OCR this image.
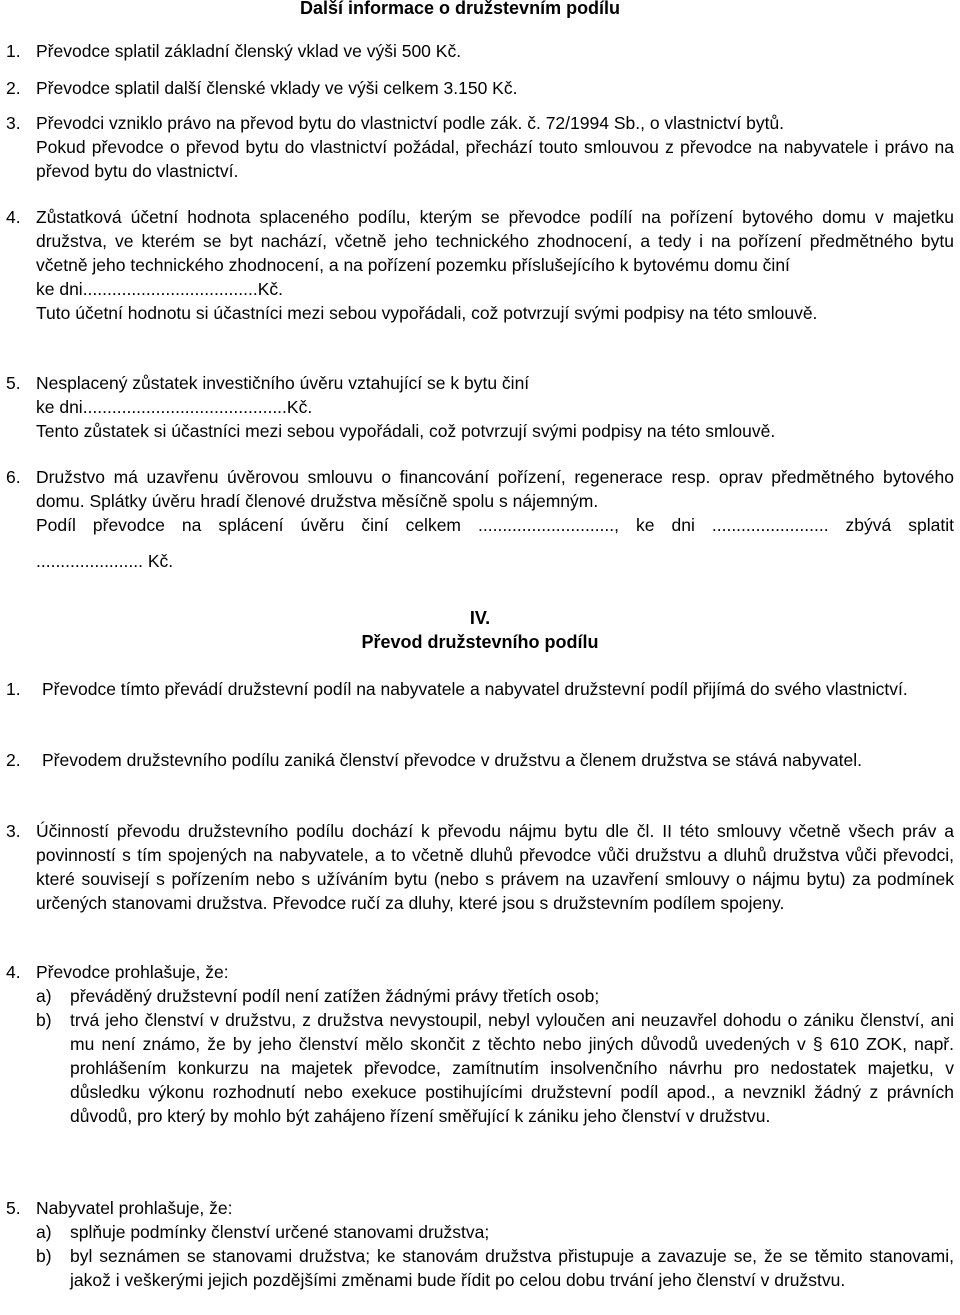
Další informace o družstevním podílu
1. Převodce splatil základní členský vklad ve výši 500 Kč.
2. Převodce splatil další členské vklady ve výši celkem 3.150 Kč.
3. Převodci vzniklo právo na převod bytu do vlastnictví podle zák. č. 72/1994 Sb., o vlastnictví bytů.
Pokud převodce o převod bytu do vlastnictví požádal, přechází touto smlouvou z převodce na nabyvatele i právo na převod bytu do vlastnictví.
4. Zůstatková účetní hodnota splaceného podílu, kterým se převodce podílí na pořízení bytového domu v majetku družstva, ve kterém se byt nachází, včetně jeho technického zhodnocení, a tedy i na pořízení předmětného bytu včetně jeho technického zhodnocení, a na pořízení pozemku příslušejícího k bytovému domu činí
ke dni....................................Kč.
Tuto účetní hodnotu si účastníci mezi sebou vypořádali, což potvrzují svými podpisy na této smlouvě.
5. Nesplacený zůstatek investičního úvěru vztahující se k bytu činí
ke dni..........................................Kč.
Tento zůstatek si účastníci mezi sebou vypořádali, což potvrzují svými podpisy na této smlouvě.
6. Družstvo má uzavřenu úvěrovou smlouvu o financování pořízení, regenerace resp. oprav předmětného bytového domu. Splátky úvěru hradí členové družstva měsíčně spolu s nájemným.
Podíl převodce na splácení úvěru činí celkem ............................, ke dni ........................ zbývá splatit
...................... Kč.
IV.
Převod družstevního podílu
1. Převodce tímto převádí družstevní podíl na nabyvatele a nabyvatel družstevní podíl přijímá do svého vlastnictví.
2. Převodem družstevního podílu zaniká členství převodce v družstvu a členem družstva se stává nabyvatel.
3. Účinností převodu družstevního podílu dochází k převodu nájmu bytu dle čl. II této smlouvy včetně všech práv a povinností s tím spojených na nabyvatele, a to včetně dluhů převodce vůči družstvu a dluhů družstva vůči převodci, které souvisejí s pořízením nebo s užíváním bytu (nebo s právem na uzavření smlouvy o nájmu bytu) za podmínek určených stanovami družstva. Převodce ručí za dluhy, které jsou s družstevním podílem spojeny.
4. Převodce prohlašuje, že:
a) převáděný družstevní podíl není zatížen žádnými právy třetích osob;
b) trvá jeho členství v družstvu, z družstva nevystoupil, nebyl vyloučen ani neuzavřel dohodu o zániku členství, ani mu není známo, že by jeho členství mělo skončit z těchto nebo jiných důvodů uvedených v § 610 ZOK, např. prohlášením konkurzu na majetek převodce, zamítnutím insolvenčního návrhu pro nedostatek majetku, v důsledku výkonu rozhodnutí nebo exekuce postihujícími družstevní podíl apod., a nevznikl žádný z právních důvodů, pro který by mohlo být zahájeno řízení směřující k zániku jeho členství v družstvu.
5. Nabyvatel prohlašuje, že:
a) splňuje podmínky členství určené stanovami družstva;
b) byl seznámen se stanovami družstva; ke stanovám družstva přistupuje a zavazuje se, že se těmito stanovami, jakož i veškerými jejich pozdějšími změnami bude řídit po celou dobu trvání jeho členství v družstvu.
